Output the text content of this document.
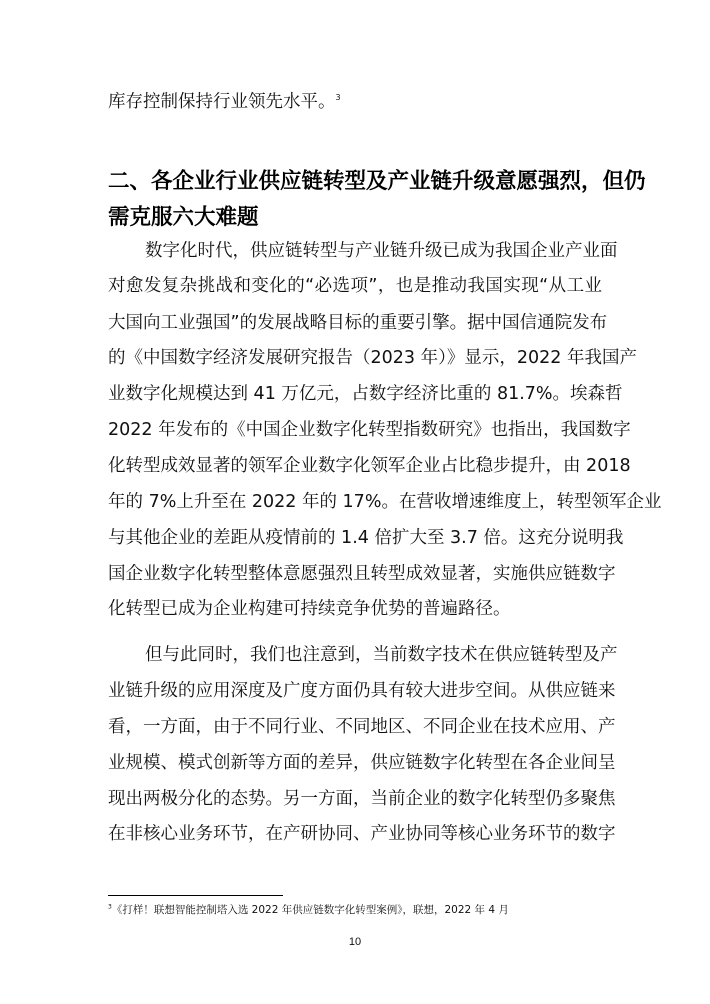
库存控制保持行业领先水平。$^3$
二、各企业行业供应链转型及产业链升级意愿强烈，但仍
需克服六大难题
数字化时代，供应链转型与产业链升级已成为我国企业产业面
对愈发复杂挑战和变化的“必选项”，也是推动我国实现“从工业
大国向工业强国”的发展战略目标的重要引擎。据中国信通院发布
的《中国数字经济发展研究报告（2023 年）》显示，2022 年我国产
业数字化规模达到 41 万亿元，占数字经济比重的 81.7%。埃森哲
2022 年发布的《中国企业数字化转型指数研究》也指出，我国数字
化转型成效显著的领军企业数字化领军企业占比稳步提升，由 2018
年的 7%上升至在 2022 年的 17%。在营收增速维度上，转型领军企业
与其他企业的差距从疫情前的 1.4 倍扩大至 3.7 倍。这充分说明我
国企业数字化转型整体意愿强烈且转型成效显著，实施供应链数字
化转型已成为企业构建可持续竞争优势的普遍路径。
但与此同时，我们也注意到，当前数字技术在供应链转型及产
业链升级的应用深度及广度方面仍具有较大进步空间。从供应链来
看，一方面，由于不同行业、不同地区、不同企业在技术应用、产
业规模、模式创新等方面的差异，供应链数字化转型在各企业间呈
现出两极分化的态势。另一方面，当前企业的数字化转型仍多聚焦
在非核心业务环节，在产研协同、产业协同等核心业务环节的数字
$^3$《打样！联想智能控制塔入选 2022 年供应链数字化转型案例》，联想，2022 年 4 月
10
